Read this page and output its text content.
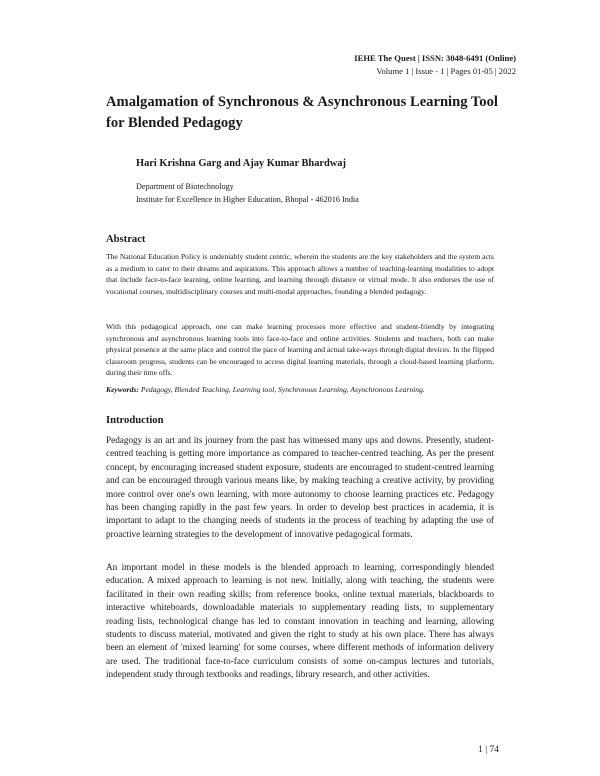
IEHE The Quest | ISSN: 3048-6491 (Online)
Volume 1 | Issue - 1 | Pages 01-05 | 2022
Amalgamation of Synchronous & Asynchronous Learning Tool for Blended Pedagogy

Hari Krishna Garg and Ajay Kumar Bhardwaj

Department of Biotechnology
Institute for Excellence in Higher Education, Bhopal - 462016 India
Abstract

The National Education Policy is undeniably student centric, wherein the students are the key stakeholders and the system acts as a medium to cater to their dreams and aspirations. This approach allows a number of teaching-learning modalities to adopt that include face-to-face learning, online learning, and learning through distance or virtual mode. It also endorses the use of vocational courses, multidisciplinary courses and multi-modal approaches, founding a blended pedagogy.

With this pedagogical approach, one can make learning processes more effective and student-friendly by integrating synchronous and asynchronous learning tools into face-to-face and online activities. Students and teachers, both can make physical presence at the same place and control the pace of learning and actual take-ways through digital devices. In the flipped classroom progress, students can be encouraged to access digital learning materials, through a cloud-based learning platform, during their time offs.

Keywords: Pedagogy, Blended Teaching, Learning tool, Synchronous Learning, Asynchronous Learning.

Introduction

Pedagogy is an art and its journey from the past has witnessed many ups and downs. Presently, student-centred teaching is getting more importance as compared to teacher-centred teaching. As per the present concept, by encouraging increased student exposure, students are encouraged to student-centred learning and can be encouraged through various means like, by making teaching a creative activity, by providing more control over one's own learning, with more autonomy to choose learning practices etc. Pedagogy has been changing rapidly in the past few years. In order to develop best practices in academia, it is important to adapt to the changing needs of students in the process of teaching by adapting the use of proactive learning strategies to the development of innovative pedagogical formats.

An important model in these models is the blended approach to learning, correspondingly blended education. A mixed approach to learning is not new. Initially, along with teaching, the students were facilitated in their own reading skills; from reference books, online textual materials, blackboards to interactive whiteboards, downloadable materials to supplementary reading lists, to supplementary reading lists, technological change has led to constant innovation in teaching and learning, allowing students to discuss material, motivated and given the right to study at his own place. There has always been an element of 'mixed learning' for some courses, where different methods of information delivery are used. The traditional face-to-face curriculum consists of some on-campus lectures and tutorials, independent study through textbooks and readings, library research, and other activities.

1 | 74
